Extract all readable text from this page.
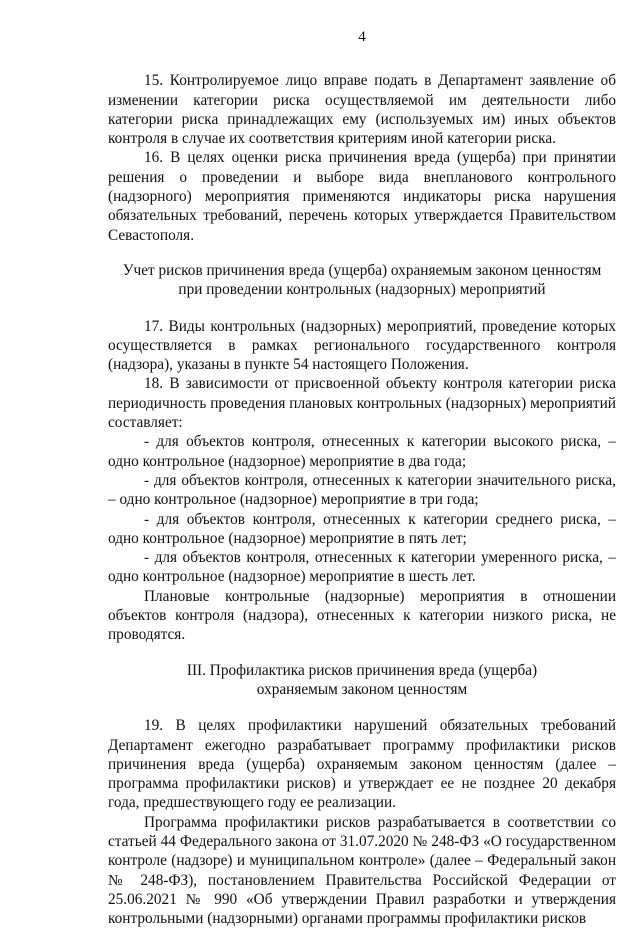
4

15. Контролируемое лицо вправе подать в Департамент заявление об изменении категории риска осуществляемой им деятельности либо категории риска принадлежащих ему (используемых им) иных объектов контроля в случае их соответствия критериям иной категории риска.

16. В целях оценки риска причинения вреда (ущерба) при принятии решения о проведении и выборе вида внепланового контрольного (надзорного) мероприятия применяются индикаторы риска нарушения обязательных требований, перечень которых утверждается Правительством Севастополя.

Учет рисков причинения вреда (ущерба) охраняемым законом ценностям
при проведении контрольных (надзорных) мероприятий

17. Виды контрольных (надзорных) мероприятий, проведение которых осуществляется в рамках регионального государственного контроля (надзора), указаны в пункте 54 настоящего Положения.

18. В зависимости от присвоенной объекту контроля категории риска периодичность проведения плановых контрольных (надзорных) мероприятий составляет:

- для объектов контроля, отнесенных к категории высокого риска, – одно контрольное (надзорное) мероприятие в два года;

- для объектов контроля, отнесенных к категории значительного риска, – одно контрольное (надзорное) мероприятие в три года;

- для объектов контроля, отнесенных к категории среднего риска, – одно контрольное (надзорное) мероприятие в пять лет;

- для объектов контроля, отнесенных к категории умеренного риска, – одно контрольное (надзорное) мероприятие в шесть лет.

Плановые контрольные (надзорные) мероприятия в отношении объектов контроля (надзора), отнесенных к категории низкого риска, не проводятся.

III. Профилактика рисков причинения вреда (ущерба)
охраняемым законом ценностям

19. В целях профилактики нарушений обязательных требований Департамент ежегодно разрабатывает программу профилактики рисков причинения вреда (ущерба) охраняемым законом ценностям (далее – программа профилактики рисков) и утверждает ее не позднее 20 декабря года, предшествующего году ее реализации.

Программа профилактики рисков разрабатывается в соответствии со статьей 44 Федерального закона от 31.07.2020 № 248-ФЗ «О государственном контроле (надзоре) и муниципальном контроле» (далее – Федеральный закон № 248-ФЗ), постановлением Правительства Российской Федерации от 25.06.2021 № 990 «Об утверждении Правил разработки и утверждения контрольными (надзорными) органами программы профилактики рисков
